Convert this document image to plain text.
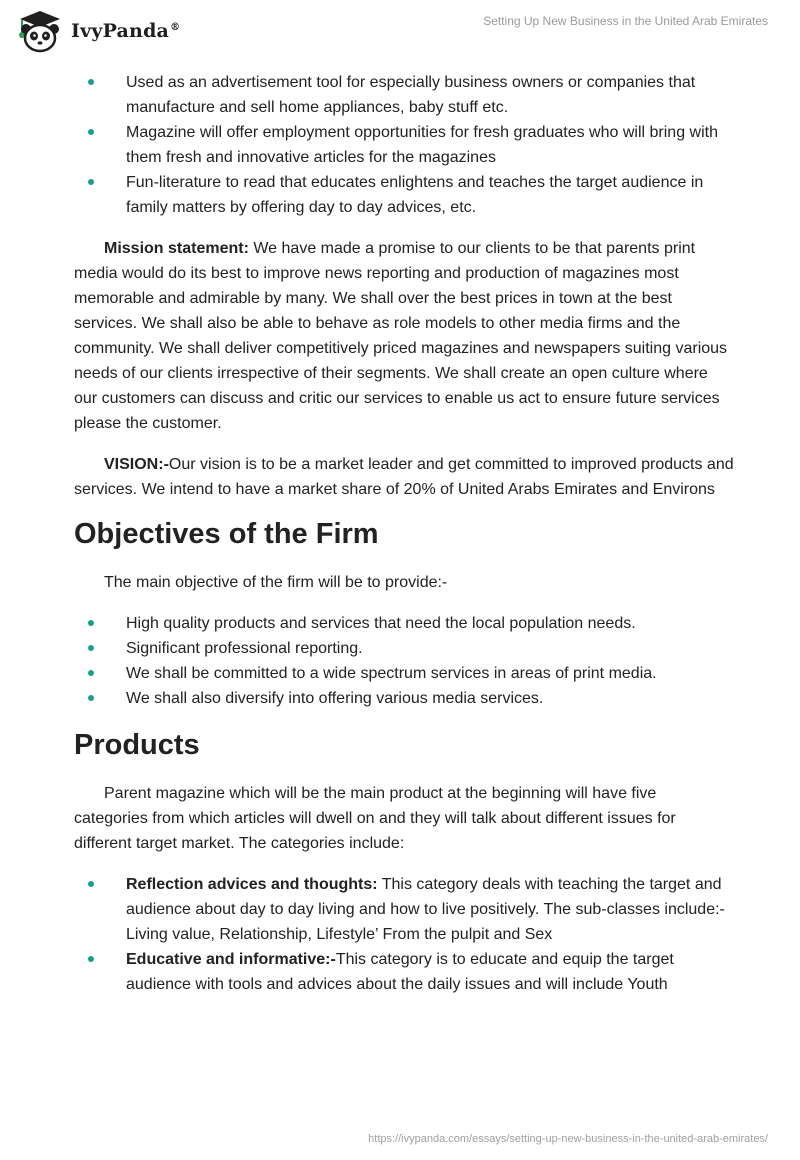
IvyPanda®	Setting Up New Business in the United Arab Emirates
Used as an advertisement tool for especially business owners or companies that manufacture and sell home appliances, baby stuff etc.
Magazine will offer employment opportunities for fresh graduates who will bring with them fresh and innovative articles for the magazines
Fun-literature to read that educates enlightens and teaches the target audience in family matters by offering day to day advices, etc.

Mission statement: We have made a promise to our clients to be that parents print media would do its best to improve news reporting and production of magazines most memorable and admirable by many. We shall over the best prices in town at the best services. We shall also be able to behave as role models to other media firms and the community. We shall deliver competitively priced magazines and newspapers suiting various needs of our clients irrespective of their segments. We shall create an open culture where our customers can discuss and critic our services to enable us act to ensure future services please the customer.

VISION:-Our vision is to be a market leader and get committed to improved products and services. We intend to have a market share of 20% of United Arabs Emirates and Environs

Objectives of the Firm

The main objective of the firm will be to provide:-

High quality products and services that need the local population needs.
Significant professional reporting.
We shall be committed to a wide spectrum services in areas of print media.
We shall also diversify into offering various media services.
Products

Parent magazine which will be the main product at the beginning will have five categories from which articles will dwell on and they will talk about different issues for different target market. The categories include:

Reflection advices and thoughts: This category deals with teaching the target and audience about day to day living and how to live positively. The sub-classes include:- Living value, Relationship, Lifestyle’ From the pulpit and Sex
Educative and informative:-This category is to educate and equip the target audience with tools and advices about the daily issues and will include Youth
https://ivypanda.com/essays/setting-up-new-business-in-the-united-arab-emirates/
